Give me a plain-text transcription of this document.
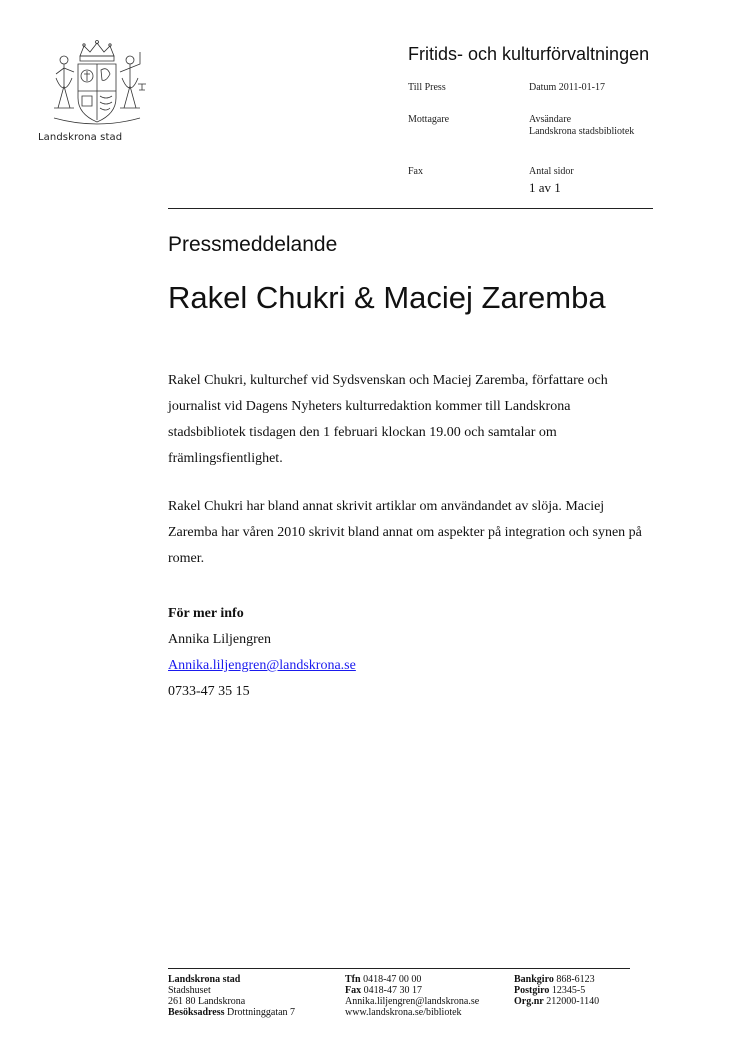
Landskrona stad
Fritids- och kulturförvaltningen
Till Press	Datum 2011-01-17
Mottagare	Avsändare
Landskrona stadsbibliotek
Fax	Antal sidor
1 av 1
Pressmeddelande
Rakel Chukri & Maciej Zaremba

Rakel Chukri, kulturchef vid Sydsvenskan och Maciej Zaremba, författare och journalist vid Dagens Nyheters kulturredaktion kommer till Landskrona stadsbibliotek tisdagen den 1 februari klockan 19.00 och samtalar om främlingsfientlighet.

Rakel Chukri har bland annat skrivit artiklar om användandet av slöja. Maciej Zaremba har våren 2010 skrivit bland annat om aspekter på integration och synen på romer.

För mer info
Annika Liljengren
Annika.liljengren@landskrona.se
0733-47 35 15
Landskrona stad
Stadshuset
261 80 Landskrona
Besöksadress Drottninggatan 7
Tfn 0418-47 00 00
Fax 0418-47 30 17
Annika.liljengren@landskrona.se
www.landskrona.se/bibliotek
Bankgiro 868-6123
Postgiro 12345-5
Org.nr 212000-1140
